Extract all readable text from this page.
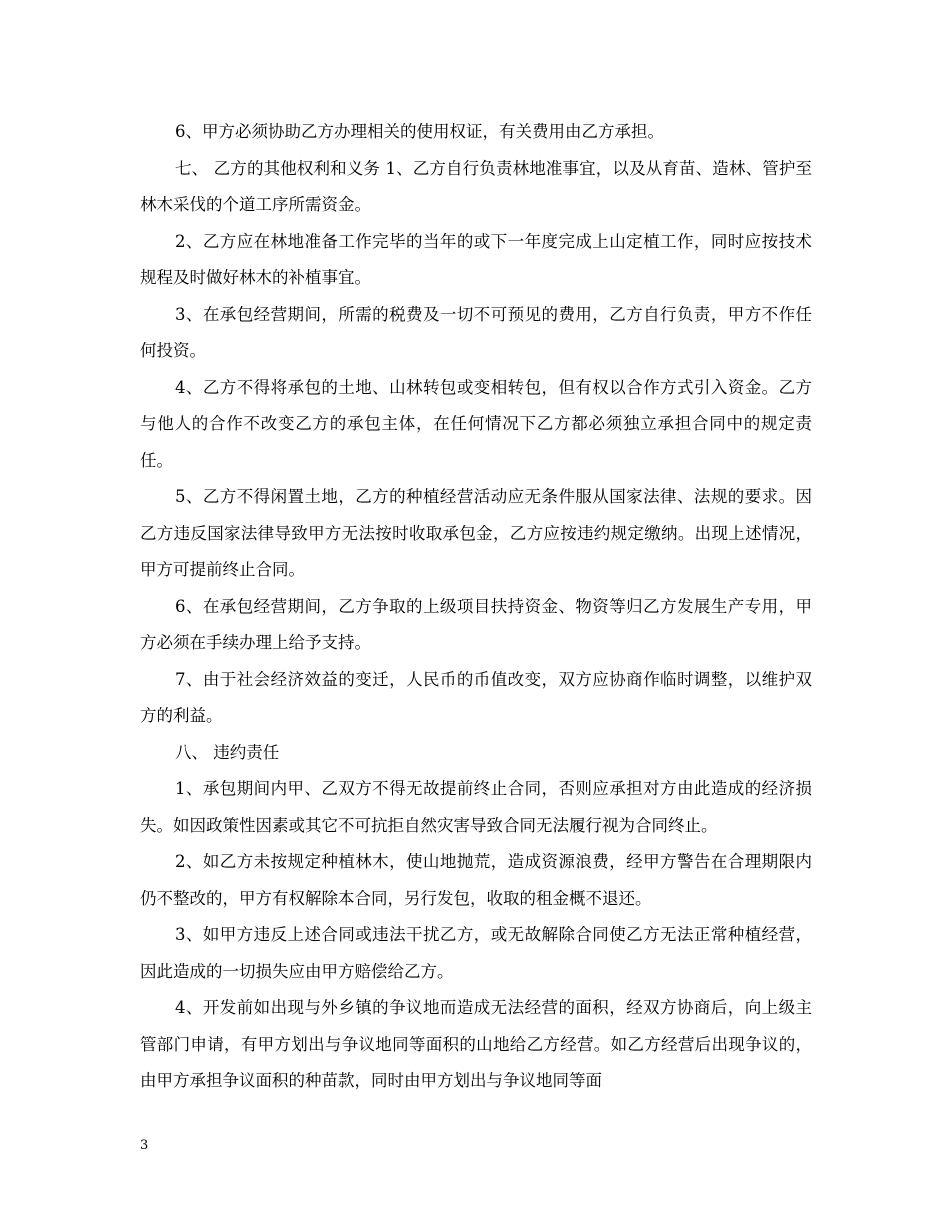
6、甲方必须协助乙方办理相关的使用权证，有关费用由乙方承担。

七、 乙方的其他权利和义务 1、乙方自行负责林地准事宜，以及从育苗、造林、管护至林木采伐的个道工序所需资金。

2、乙方应在林地准备工作完毕的当年的或下一年度完成上山定植工作，同时应按技术规程及时做好林木的补植事宜。

3、在承包经营期间，所需的税费及一切不可预见的费用，乙方自行负责，甲方不作任何投资。

4、乙方不得将承包的土地、山林转包或变相转包，但有权以合作方式引入资金。乙方与他人的合作不改变乙方的承包主体，在任何情况下乙方都必须独立承担合同中的规定责任。

5、乙方不得闲置土地，乙方的种植经营活动应无条件服从国家法律、法规的要求。因乙方违反国家法律导致甲方无法按时收取承包金，乙方应按违约规定缴纳。出现上述情况，甲方可提前终止合同。

6、在承包经营期间，乙方争取的上级项目扶持资金、物资等归乙方发展生产专用，甲方必须在手续办理上给予支持。

7、由于社会经济效益的变迁，人民币的币值改变，双方应协商作临时调整，以维护双方的利益。

八、 违约责任

1、承包期间内甲、乙双方不得无故提前终止合同，否则应承担对方由此造成的经济损失。如因政策性因素或其它不可抗拒自然灾害导致合同无法履行视为合同终止。

2、如乙方未按规定种植林木，使山地抛荒，造成资源浪费，经甲方警告在合理期限内仍不整改的，甲方有权解除本合同，另行发包，收取的租金概不退还。

3、如甲方违反上述合同或违法干扰乙方，或无故解除合同使乙方无法正常种植经营，因此造成的一切损失应由甲方赔偿给乙方。

4、开发前如出现与外乡镇的争议地而造成无法经营的面积，经双方协商后，向上级主管部门申请，有甲方划出与争议地同等面积的山地给乙方经营。如乙方经营后出现争议的，由甲方承担争议面积的种苗款，同时由甲方划出与争议地同等面

3
